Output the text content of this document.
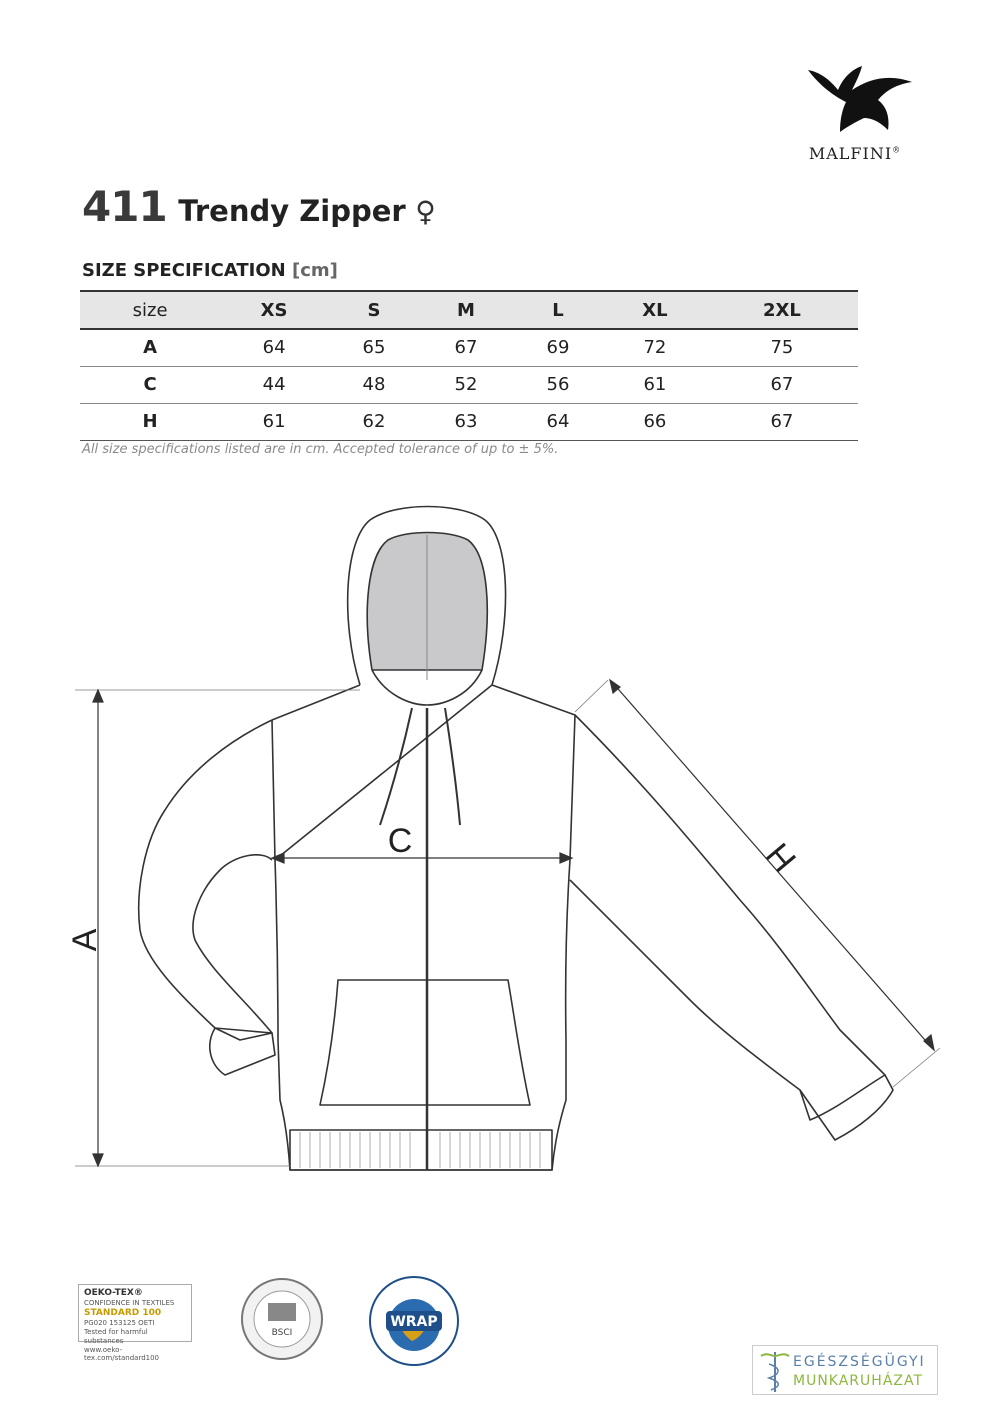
MALFINI®
411 Trendy Zipper ♀
SIZE SPECIFICATION [cm]
size	XS	S	M	L	XL	2XL
A	64	65	67	69	72	75
C	44	48	52	56	61	67
H	61	62	63	64	66	67
All size specifications listed are in cm. Accepted tolerance of up to ± 5%.
A
C	H
OEKO-TEX®
CONFIDENCE IN TEXTILES
STANDARD 100
PG020 153125 OETI
Tested for harmful substances
www.oeko-tex.com/standard100
BSCI
WRAP
EGÉSZSÉGÜGYI
MUNKARUHÁZAT
